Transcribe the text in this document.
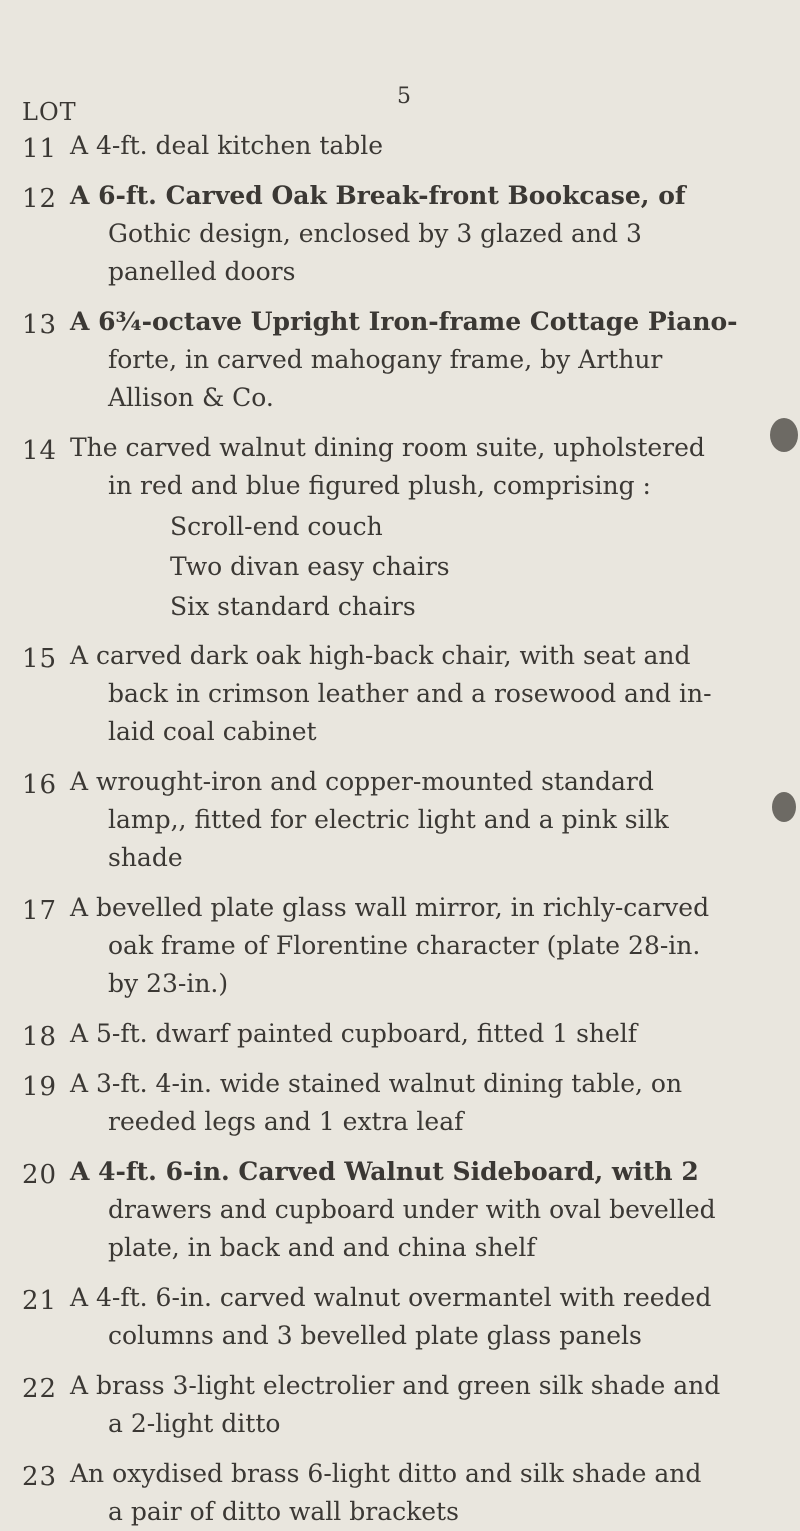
5
LOT
11 A 4-ft. deal kitchen table
12 A 6-ft. Carved Oak Break-front Bookcase, of
Gothic design, enclosed by 3 glazed and 3
panelled doors
13 A 6¾-octave Upright Iron-frame Cottage Piano-
forte, in carved mahogany frame, by Arthur
Allison & Co.
14 The carved walnut dining room suite, upholstered
in red and blue figured plush, comprising :
Scroll-end couch
Two divan easy chairs
Six standard chairs
15 A carved dark oak high-back chair, with seat and
back in crimson leather and a rosewood and in-
laid coal cabinet
16 A wrought-iron and copper-mounted standard
lamp,, fitted for electric light and a pink silk
shade
17 A bevelled plate glass wall mirror, in richly-carved
oak frame of Florentine character (plate 28-in.
by 23-in.)
18 A 5-ft. dwarf painted cupboard, fitted 1 shelf
19 A 3-ft. 4-in. wide stained walnut dining table, on
reeded legs and 1 extra leaf
20 A 4-ft. 6-in. Carved Walnut Sideboard, with 2
drawers and cupboard under with oval bevelled
plate, in back and and china shelf
21 A 4-ft. 6-in. carved walnut overmantel with reeded
columns and 3 bevelled plate glass panels
22 A brass 3-light electrolier and green silk shade and
a 2-light ditto
23 An oxydised brass 6-light ditto and silk shade and
a pair of ditto wall brackets
